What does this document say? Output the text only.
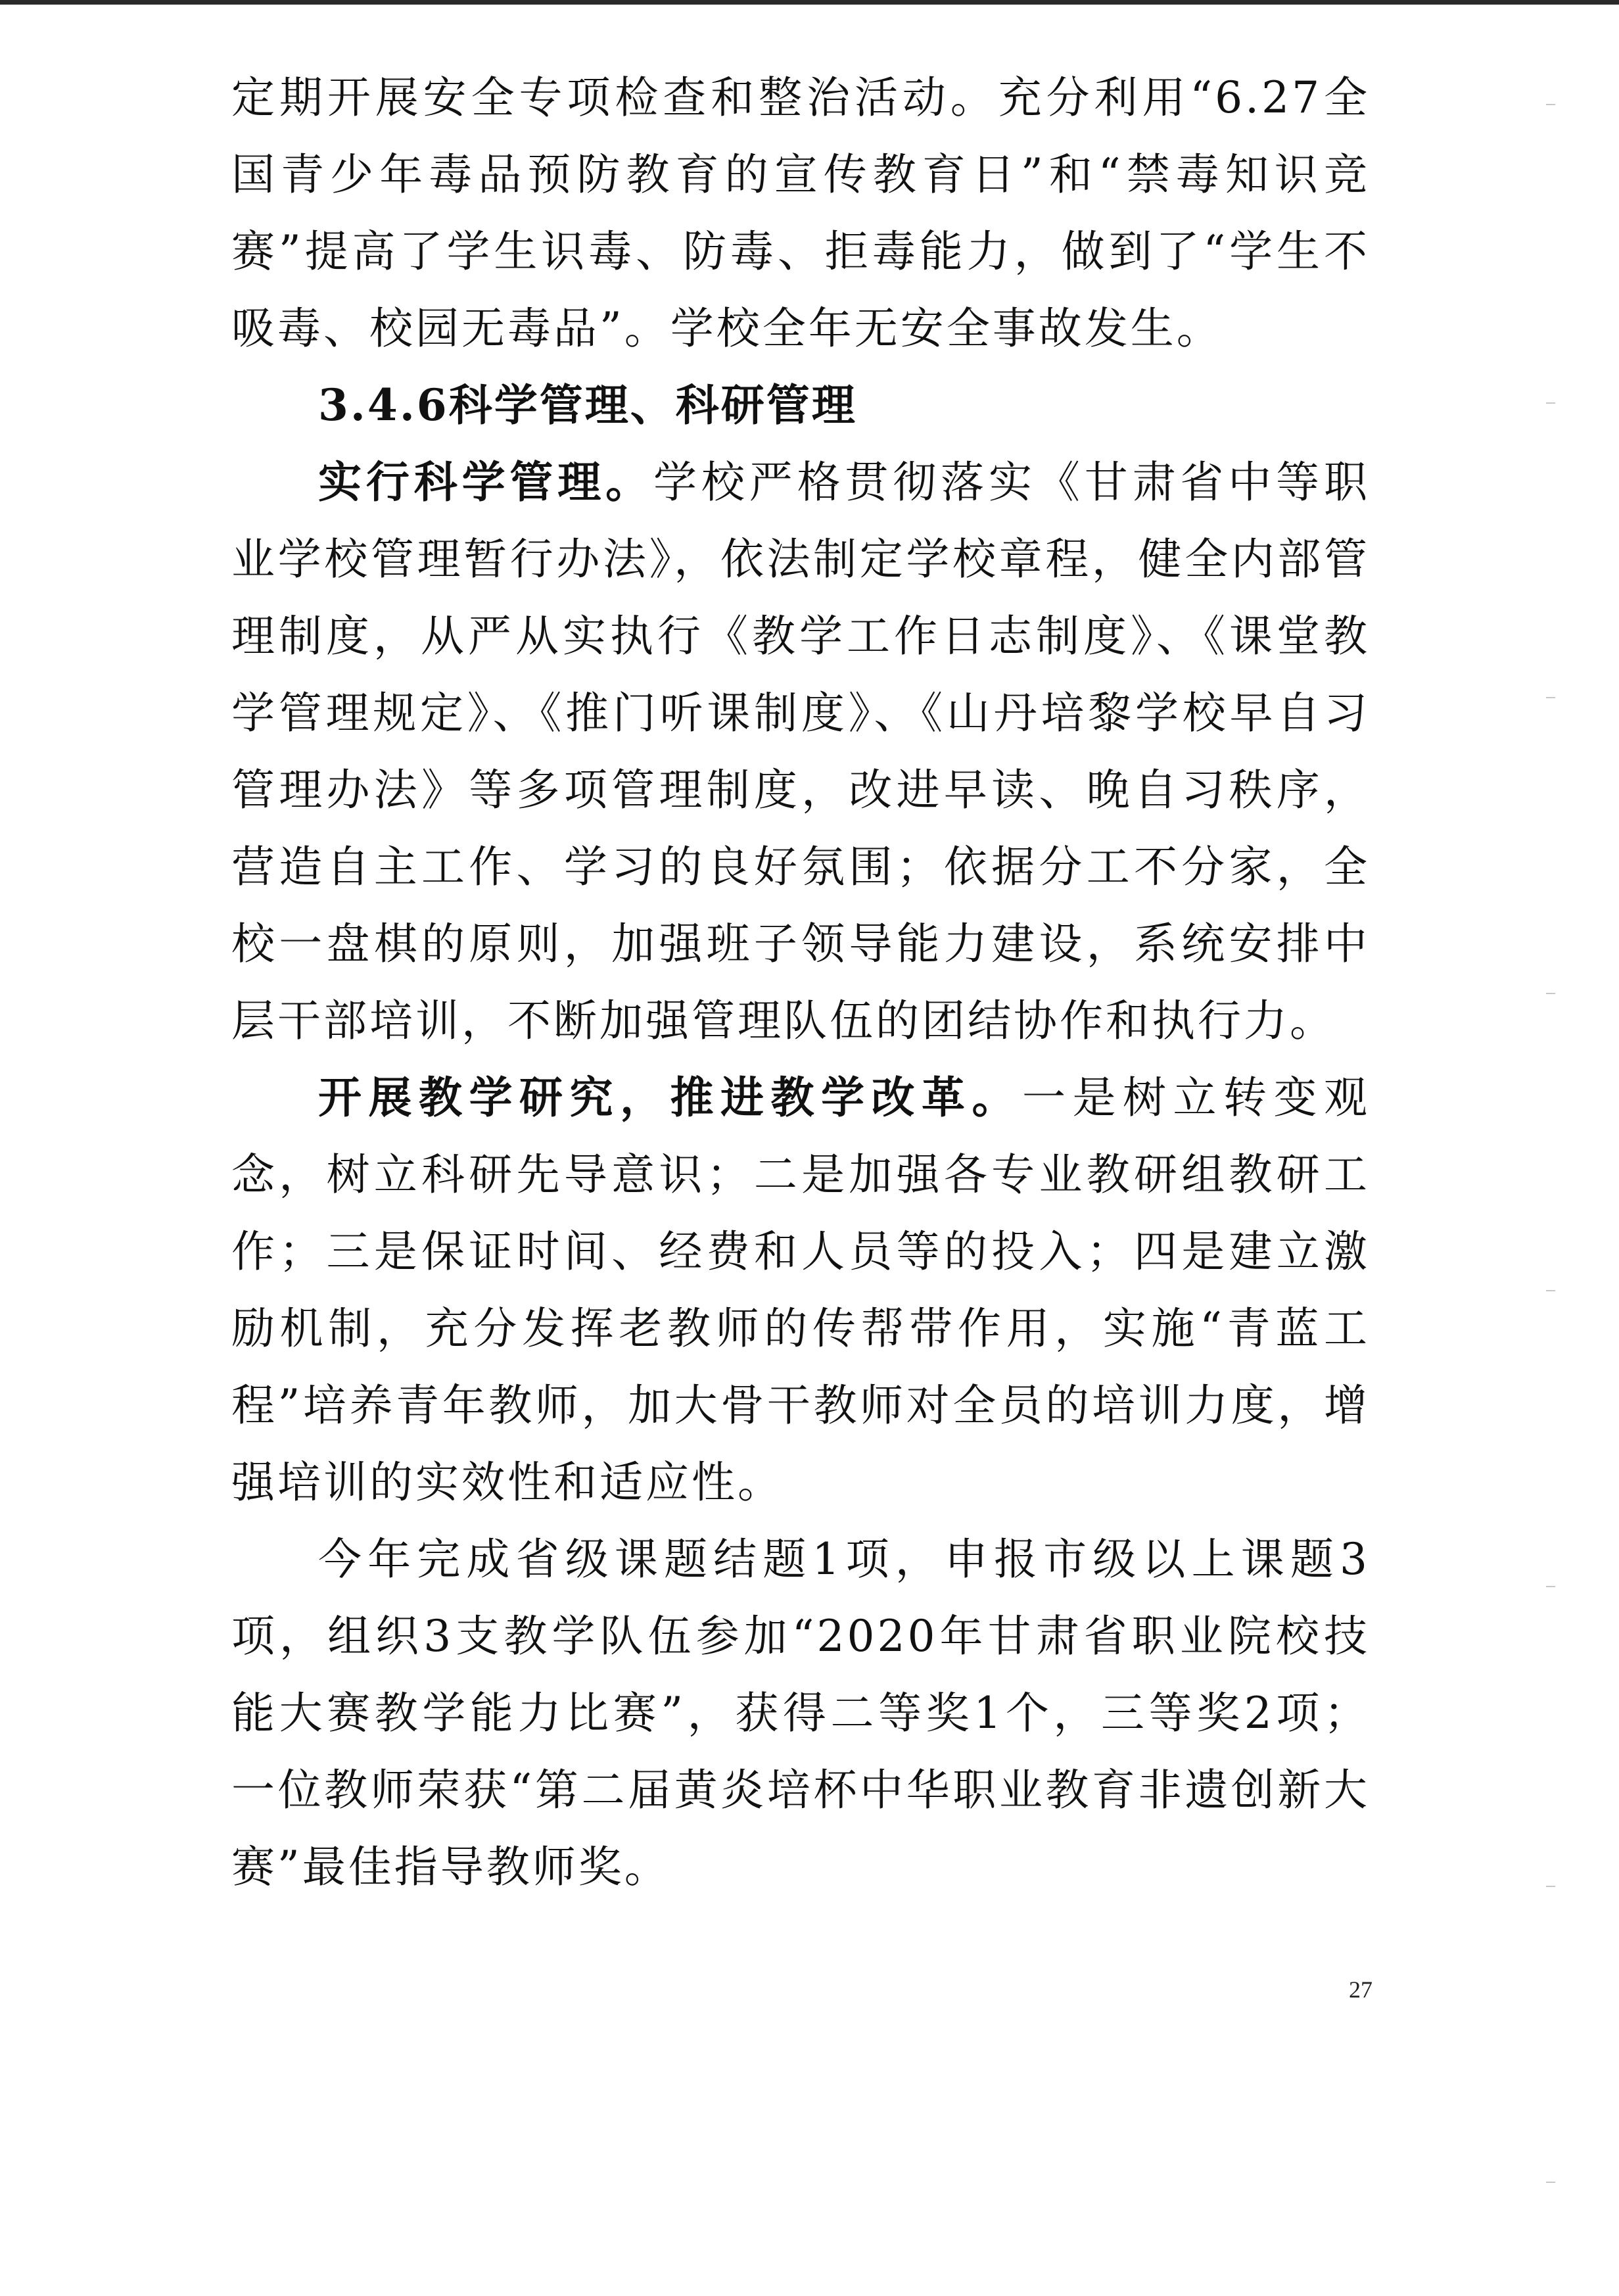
定期开展安全专项检查和整治活动。充分利用“6.27全国青少年毒品预防教育的宣传教育日”和“禁毒知识竞赛”提高了学生识毒、防毒、拒毒能力，做到了“学生不吸毒、校园无毒品”。学校全年无安全事故发生。

3.4.6科学管理、科研管理

实行科学管理。学校严格贯彻落实《甘肃省中等职业学校管理暂行办法》，依法制定学校章程，健全内部管理制度，从严从实执行《教学工作日志制度》、《课堂教学管理规定》、《推门听课制度》、《山丹培黎学校早自习管理办法》等多项管理制度，改进早读、晚自习秩序，营造自主工作、学习的良好氛围；依据分工不分家，全校一盘棋的原则，加强班子领导能力建设，系统安排中层干部培训，不断加强管理队伍的团结协作和执行力。

开展教学研究，推进教学改革。一是树立转变观念，树立科研先导意识；二是加强各专业教研组教研工作；三是保证时间、经费和人员等的投入；四是建立激励机制，充分发挥老教师的传帮带作用，实施“青蓝工程”培养青年教师，加大骨干教师对全员的培训力度，增强培训的实效性和适应性。

今年完成省级课题结题1项，申报市级以上课题3项，组织3支教学队伍参加“2020年甘肃省职业院校技能大赛教学能力比赛”，获得二等奖1个，三等奖2项；一位教师荣获“第二届黄炎培杯中华职业教育非遗创新大赛”最佳指导教师奖。

27
